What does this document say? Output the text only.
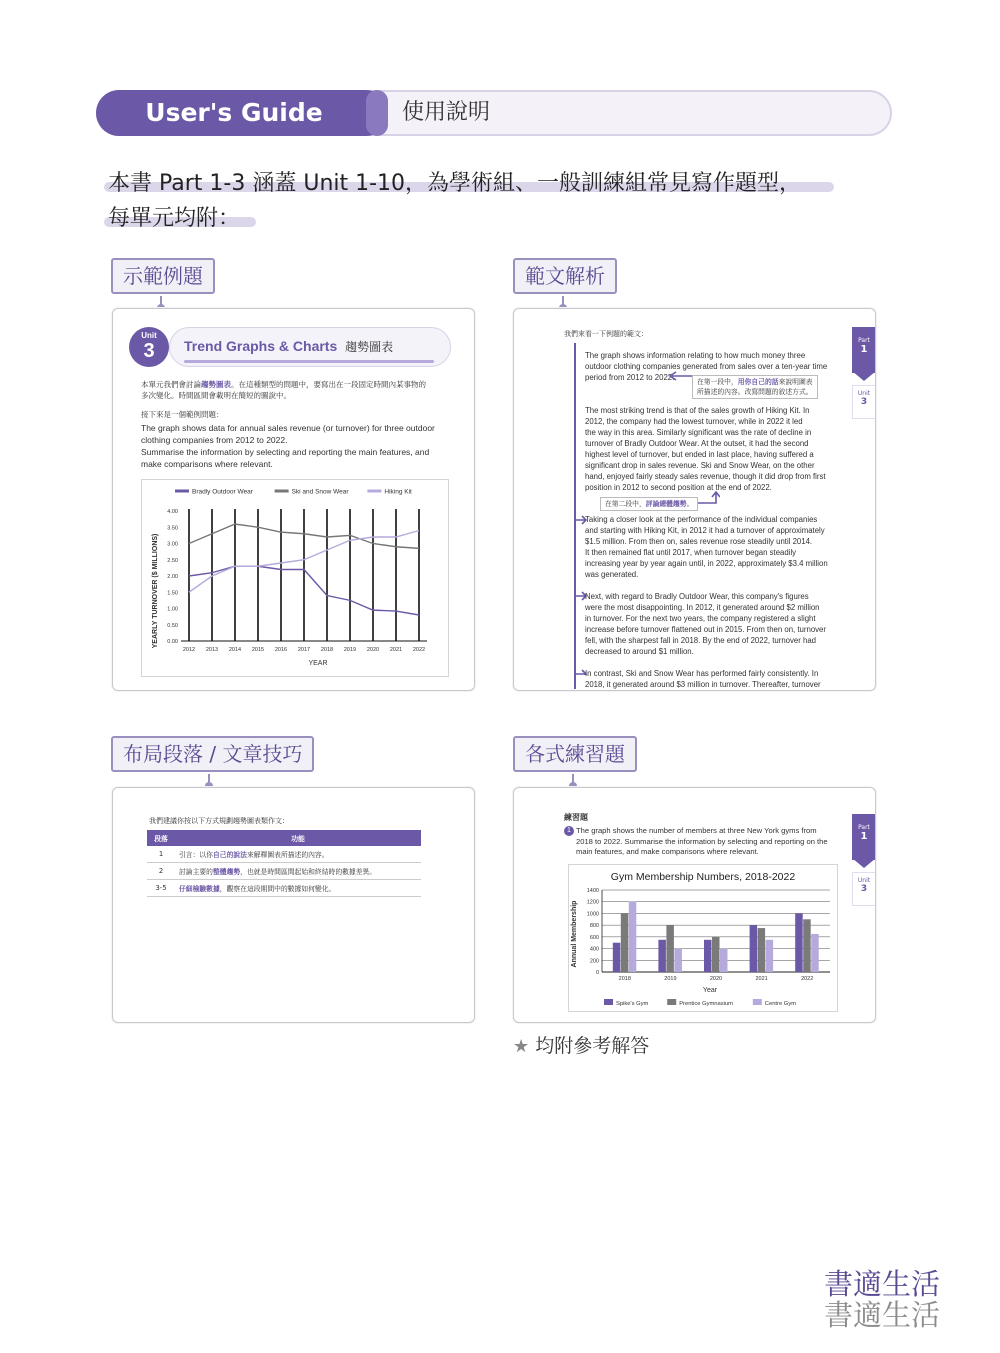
User's Guide	使用說明
本書 Part 1-3 涵蓋 Unit 1-10，為學術組、一般訓練組常見寫作題型，
每單元均附：
示範例題	範文解析
布局段落 / 文章技巧	各式練習題
Trend Graphs & Charts 趨勢圖表
Unit
3
本單元我們會討論趨勢圖表。在這種類型的問題中，要寫出在一段固定時間內某事物的
多次變化。時間區間會載明在簡短的圖說中。
接下來是一個範例問題：
The graph shows data for annual sales revenue (or turnover) for three outdoor
clothing companies from 2012 to 2022.
Summarise the information by selecting and reporting the main features, and
make comparisons where relevant.
Bradly Outdoor Wear	Ski and Snow Wear	Hiking Kit
0.00
0.50
1.00
1.50
2.00
2.50
3.00
3.50
4.00
2012 2013 2014 2015 2016 2017 2018 2019 2020 2021 2022
YEAR
YEARLY TURNOVER ($ MILLIONS)
我們來看一下例題的範文：
The graph shows information relating to how much money three
outdoor clothing companies generated from sales over a ten-year time
period from 2012 to 2022.	在第一段中，用你自己的話來說明圖表
所描述的內容。改寫問題的敘述方式。
The most striking trend is that of the sales growth of Hiking Kit. In
2012, the company had the lowest turnover, while in 2022 it led
the way in this area. Similarly significant was the rate of decline in
turnover of Bradly Outdoor Wear. At the outset, it had the second
highest level of turnover, but ended in last place, having suffered a
significant drop in sales revenue. Ski and Snow Wear, on the other
hand, enjoyed fairly steady sales revenue, though it did drop from first
position in 2012 to second position at the end of 2022.
在第二段中，評論總體趨勢。
Taking a closer look at the performance of the individual companies
and starting with Hiking Kit, in 2012 it had a turnover of approximately
$1.5 million. From then on, sales revenue rose steadily until 2014.
It then remained flat until 2017, when turnover began steadily
increasing year by year again until, in 2022, approximately $3.4 million
was generated.
Next, with regard to Bradly Outdoor Wear, this company's figures
were the most disappointing. In 2012, it generated around $2 million
in turnover. For the next two years, the company registered a slight
increase before turnover flattened out in 2015. From then on, turnover
fell, with the sharpest fall in 2018. By the end of 2022, turnover had
decreased to around $1 million.
In contrast, Ski and Snow Wear has performed fairly consistently. In
2018, it generated around $3 million in turnover. Thereafter, turnover
Part
1
Unit
3
我們建議你按以下方式規劃趨勢圖表類作文：
段落	功能
1	引言：以你自己的說法來解釋圖表所描述的內容。
2	討論主要的整體趨勢，也就是時間區間起始和終結時的數據差異。
3-5	仔細檢驗數據，觀察在這段期間中的數據如何變化。
練習題
1 The graph shows the number of members at three New York gyms from
2018 to 2022. Summarise the information by selecting and reporting on the
main features, and make comparisons where relevant.
Gym Membership Numbers, 2018-2022
0
200
400
600
800
1000
1200
1400
2018	2019	2020	2021	2022
Year
Annual Membership
Spike's Gym	Prentice Gymnasium	Centre Gym
Part
1
Unit
3
★ 均附參考解答
書適生活
書適生活
